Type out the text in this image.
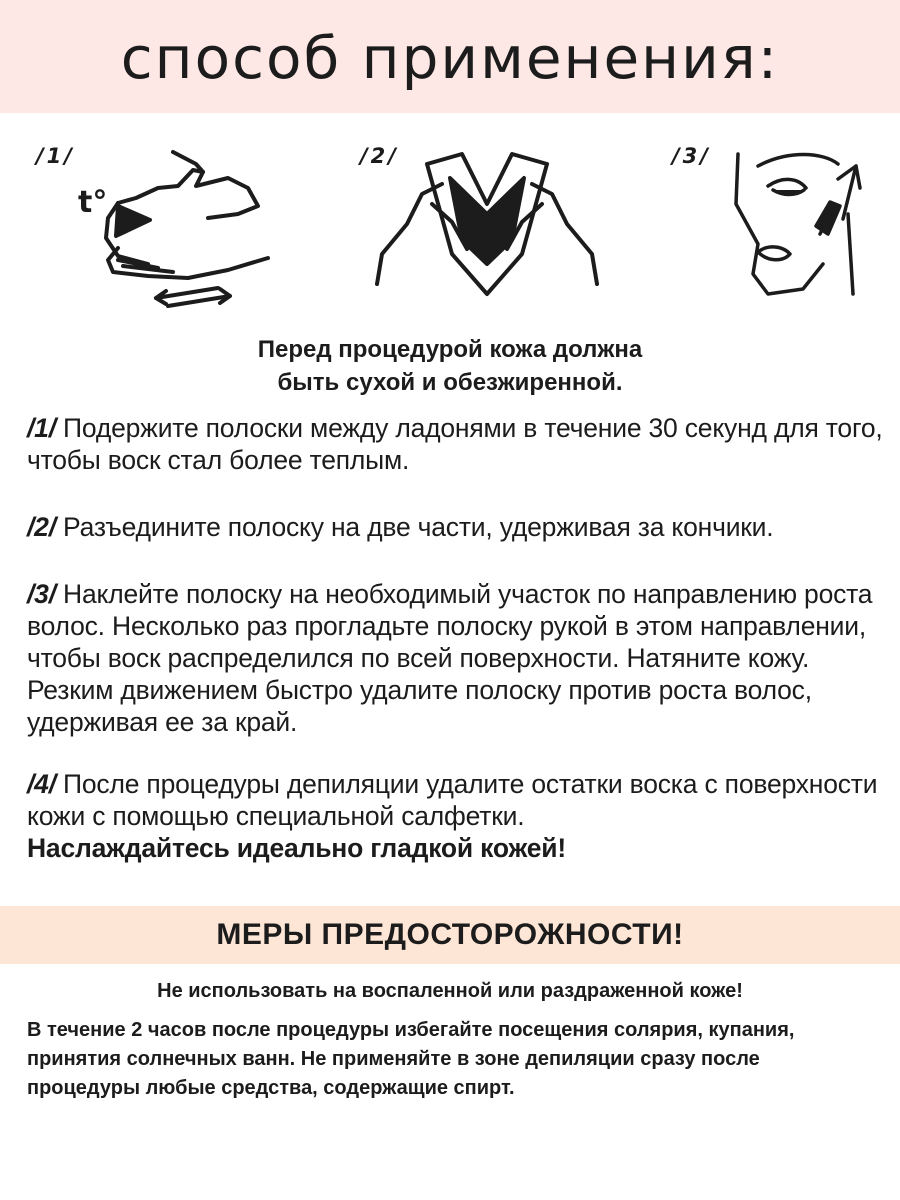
способ применения:
/1/
t°
/2/	/3/
Перед процедурой кожа должна
быть сухой и обезжиренной.
/1/ Подержите полоски между ладонями в течение 30 секунд для того, чтобы воск стал более теплым.
/2/ Разъедините полоску на две части, удерживая за кончики.
/3/ Наклейте полоску на необходимый участок по направлению роста волос. Несколько раз прогладьте полоску рукой в этом направлении, чтобы воск распределился по всей поверхности. Натяните кожу. Резким движением быстро удалите полоску против роста волос, удерживая ее за край.
/4/ После процедуры депиляции удалите остатки воска с поверхности кожи с помощью специальной салфетки.
Наслаждайтесь идеально гладкой кожей!
МЕРЫ ПРЕДОСТОРОЖНОСТИ!
Не использовать на воспаленной или раздраженной коже!
В течение 2 часов после процедуры избегайте посещения солярия, купания, принятия солнечных ванн. Не применяйте в зоне депиляции сразу после процедуры любые средства, содержащие спирт.
